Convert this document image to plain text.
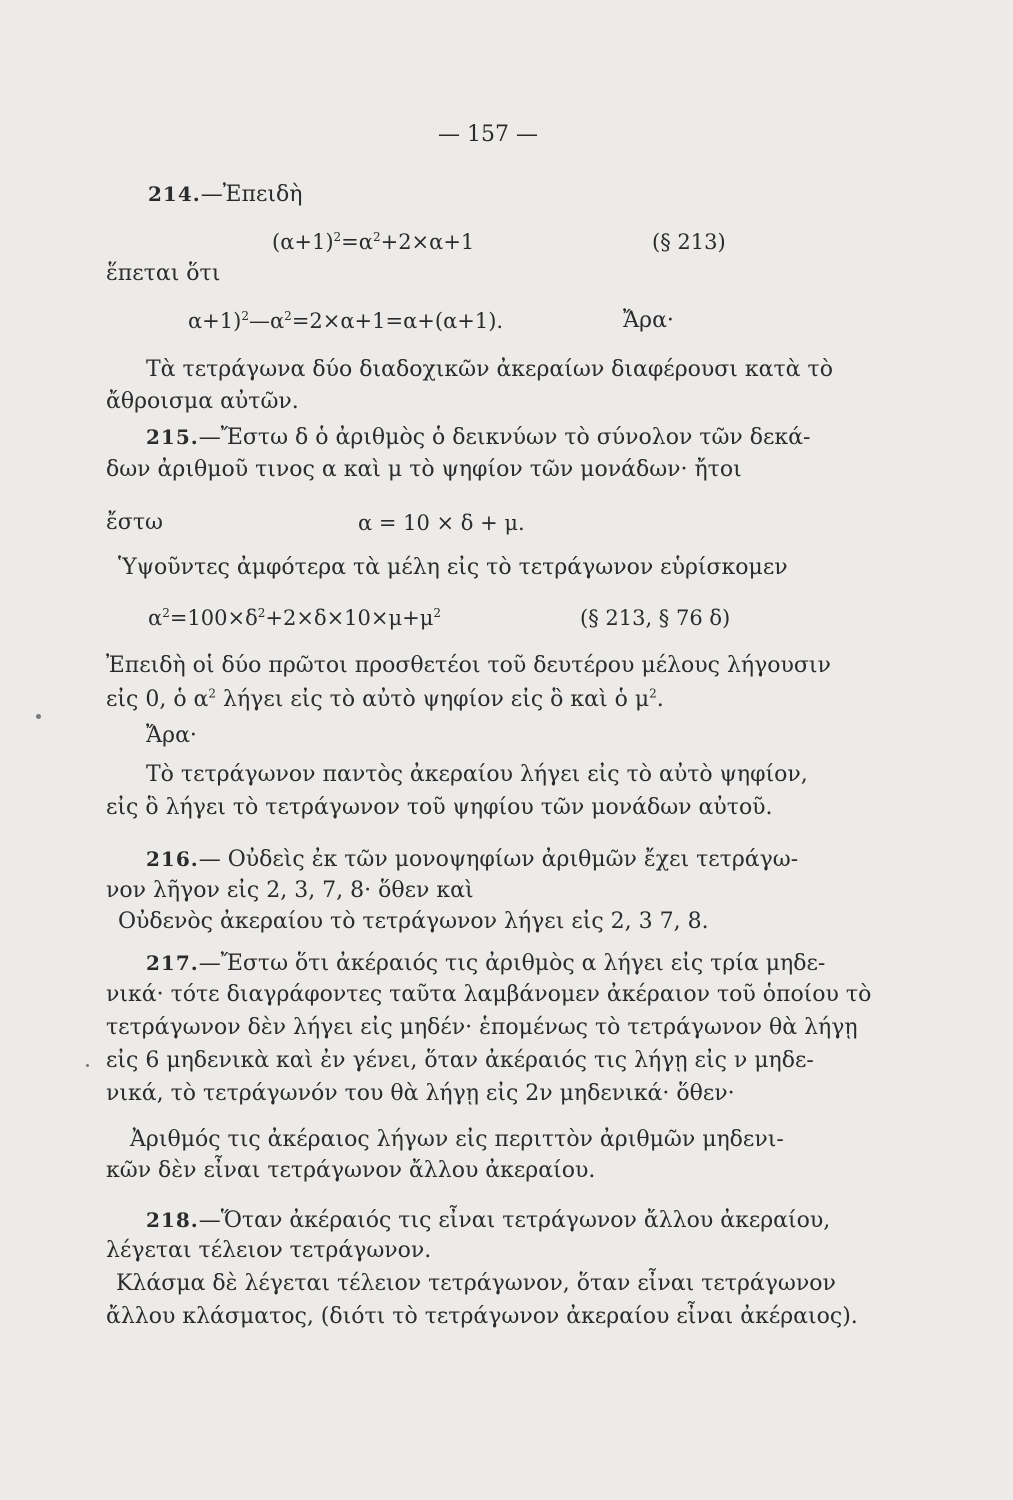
— 157 —
214.—Ἐπειδὴ
$(\alpha+1)^2=\alpha^2+2\times\alpha+1$	(§ 213)
ἕπεται ὅτι
$\alpha+1)^2—\alpha^2=2\times\alpha+1=\alpha+(\alpha+1)$.	Ἄρα·
Τὰ τετράγωνα δύο διαδοχικῶν ἀκεραίων διαφέρουσι κατὰ τὸ
ἄθροισμα αὐτῶν.
215.—Ἔστω δ ὁ ἀριθμὸς ὁ δεικνύων τὸ σύνολον τῶν δεκά-
δων ἀριθμοῦ τινος α καὶ μ τὸ ψηφίον τῶν μονάδων· ἤτοι
ἔστω	α = 10 × δ + μ.
Ὑψοῦντες ἀμφότερα τὰ μέλη εἰς τὸ τετράγωνον εὑρίσκομεν
$\alpha^2=100\times\delta^2+2\times\delta\times 10\times\mu+\mu^2$	(§ 213, § 76 δ)
Ἐπειδὴ οἱ δύο πρῶτοι προσθετέοι τοῦ δευτέρου μέλους λήγουσιν
εἰς 0, ὁ $\alpha^2$ λήγει εἰς τὸ αὐτὸ ψηφίον εἰς ὃ καὶ ὁ $\mu^2$.
Ἄρα·
Τὸ τετράγωνον παντὸς ἀκεραίου λήγει εἰς τὸ αὐτὸ ψηφίον,
εἰς ὃ λήγει τὸ τετράγωνον τοῦ ψηφίου τῶν μονάδων αὐτοῦ.
216.— Οὐδεὶς ἐκ τῶν μονοψηφίων ἀριθμῶν ἔχει τετράγω-
νον λῆγον εἰς 2, 3, 7, 8· ὅθεν καὶ
Οὐδενὸς ἀκεραίου τὸ τετράγωνον λήγει εἰς 2, 3 7, 8.
217.—Ἔστω ὅτι ἀκέραιός τις ἀριθμὸς α λήγει εἰς τρία μηδε-
νικά· τότε διαγράφοντες ταῦτα λαμβάνομεν ἀκέραιον τοῦ ὁποίου τὸ
τετράγωνον δὲν λήγει εἰς μηδέν· ἑπομένως τὸ τετράγωνον θὰ λήγῃ
εἰς 6 μηδενικὰ καὶ ἐν γένει, ὅταν ἀκέραιός τις λήγῃ εἰς ν μηδε-
νικά, τὸ τετράγωνόν του θὰ λήγῃ εἰς 2ν μηδενικά· ὅθεν·
Ἀριθμός τις ἀκέραιος λήγων εἰς περιττὸν ἀριθμῶν μηδενι-
κῶν δὲν εἶναι τετράγωνον ἄλλου ἀκεραίου.
218.—Ὅταν ἀκέραιός τις εἶναι τετράγωνον ἄλλου ἀκεραίου,
λέγεται τέλειον τετράγωνον.
Κλάσμα δὲ λέγεται τέλειον τετράγωνον, ὅταν εἶναι τετράγωνον
ἄλλου κλάσματος, (διότι τὸ τετράγωνον ἀκεραίου εἶναι ἀκέραιος).
